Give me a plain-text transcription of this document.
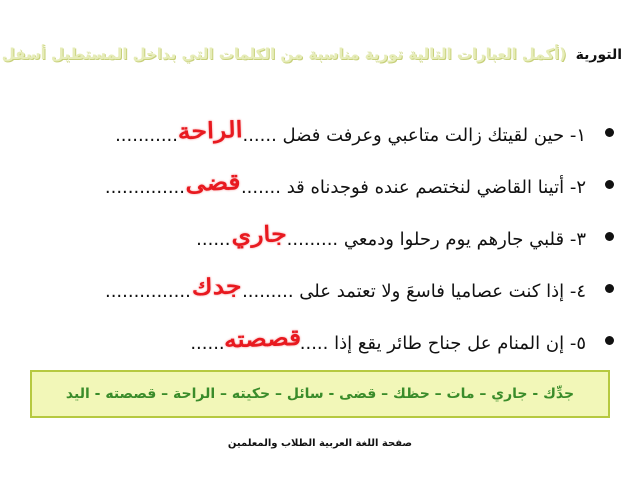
التورية (أكمل العبارات التالية تورية مناسبة من الكلمات التي بداخل المستطيل أسفل
١- حين لقيتك زالت متاعبي وعرفت فضل ......الراحة...........
٢- أتينا القاضي لنختصم عنده فوجدناه قد .......قضى..............
٣- قلبي جارهم يوم رحلوا ودمعي .........جاري......
٤- إذا كنت عصاميا فاسعَ ولا تعتمد على .........جدك...............
٥- إن المنام عل جناح طائر يقع إذا .....قصصته......
جدِّك - جاري – مات – حظك – قضى - سائل – حكيته – الراحة – قصصته - اليد
صفحة اللغة العربية الطلاب والمعلمين
